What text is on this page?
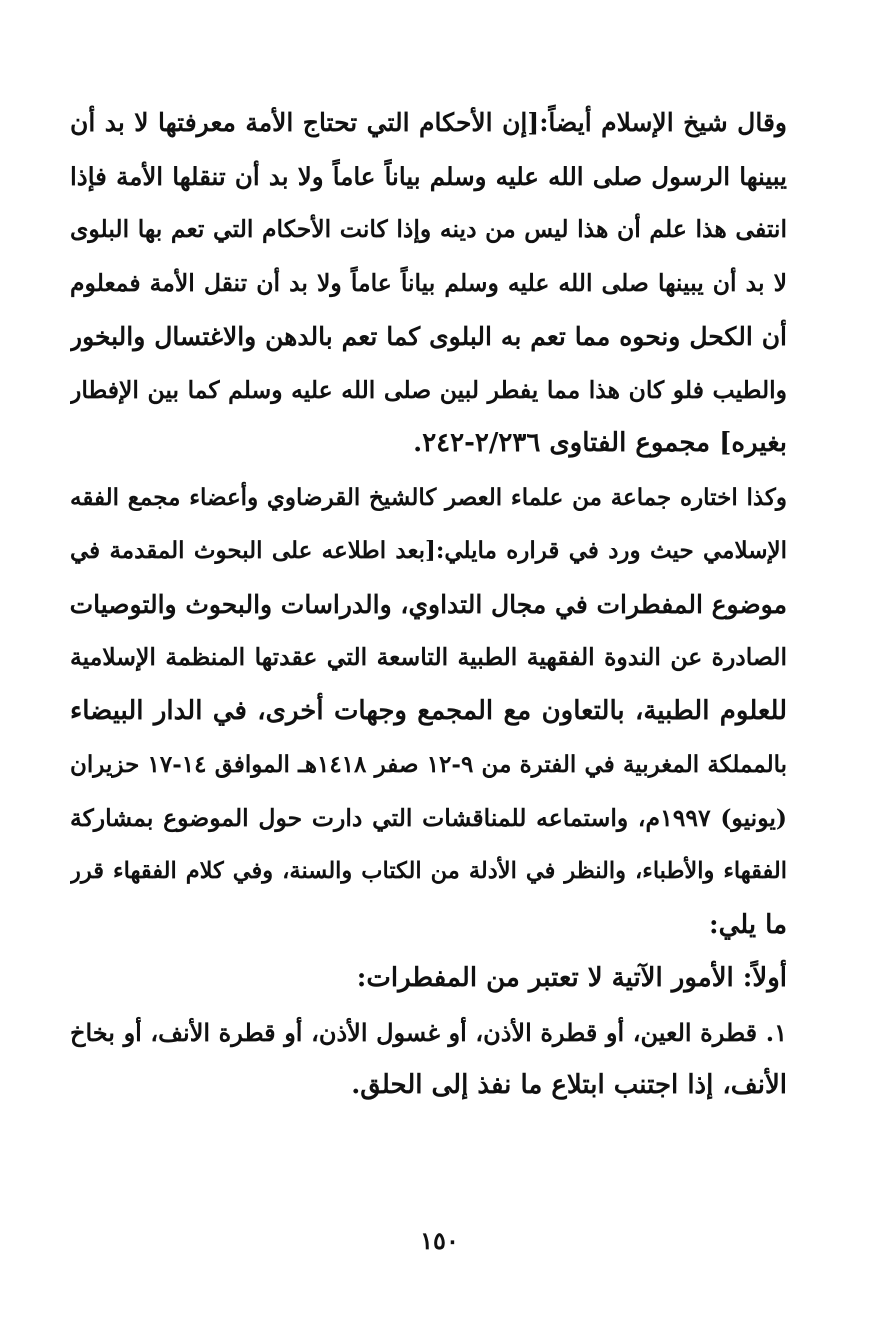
وقال شيخ الإسلام أيضاً:[إن الأحكام التي تحتاج الأمة معرفتها لا بد أن
يبينها الرسول صلى الله عليه وسلم بياناً عاماً ولا بد أن تنقلها الأمة فإذا
انتفى هذا علم أن هذا ليس من دينه وإذا كانت الأحكام التي تعم بها البلوى
لا بد أن يبينها صلى الله عليه وسلم بياناً عاماً ولا بد أن تنقل الأمة فمعلوم
أن الكحل ونحوه مما تعم به البلوى كما تعم بالدهن والاغتسال والبخور
والطيب فلو كان هذا مما يفطر لبين صلى الله عليه وسلم كما بين الإفطار
بغيره] مجموع الفتاوى ٢/٢٣٦-٢٤٢.
وكذا اختاره جماعة من علماء العصر كالشيخ القرضاوي وأعضاء مجمع الفقه
الإسلامي حيث ورد في قراره مايلي:[بعد اطلاعه على البحوث المقدمة في
موضوع المفطرات في مجال التداوي، والدراسات والبحوث والتوصيات
الصادرة عن الندوة الفقهية الطبية التاسعة التي عقدتها المنظمة الإسلامية
للعلوم الطبية، بالتعاون مع المجمع وجهات أخرى، في الدار البيضاء
بالمملكة المغربية في الفترة من ٩-١٢ صفر ١٤١٨هـ الموافق ١٤-١٧ حزيران
(يونيو) ١٩٩٧م، واستماعه للمناقشات التي دارت حول الموضوع بمشاركة
الفقهاء والأطباء، والنظر في الأدلة من الكتاب والسنة، وفي كلام الفقهاء قرر
ما يلي:
أولاً: الأمور الآتية لا تعتبر من المفطرات:
١. قطرة العين، أو قطرة الأذن، أو غسول الأذن، أو قطرة الأنف، أو بخاخ
الأنف، إذا اجتنب ابتلاع ما نفذ إلى الحلق.
١٥٠
